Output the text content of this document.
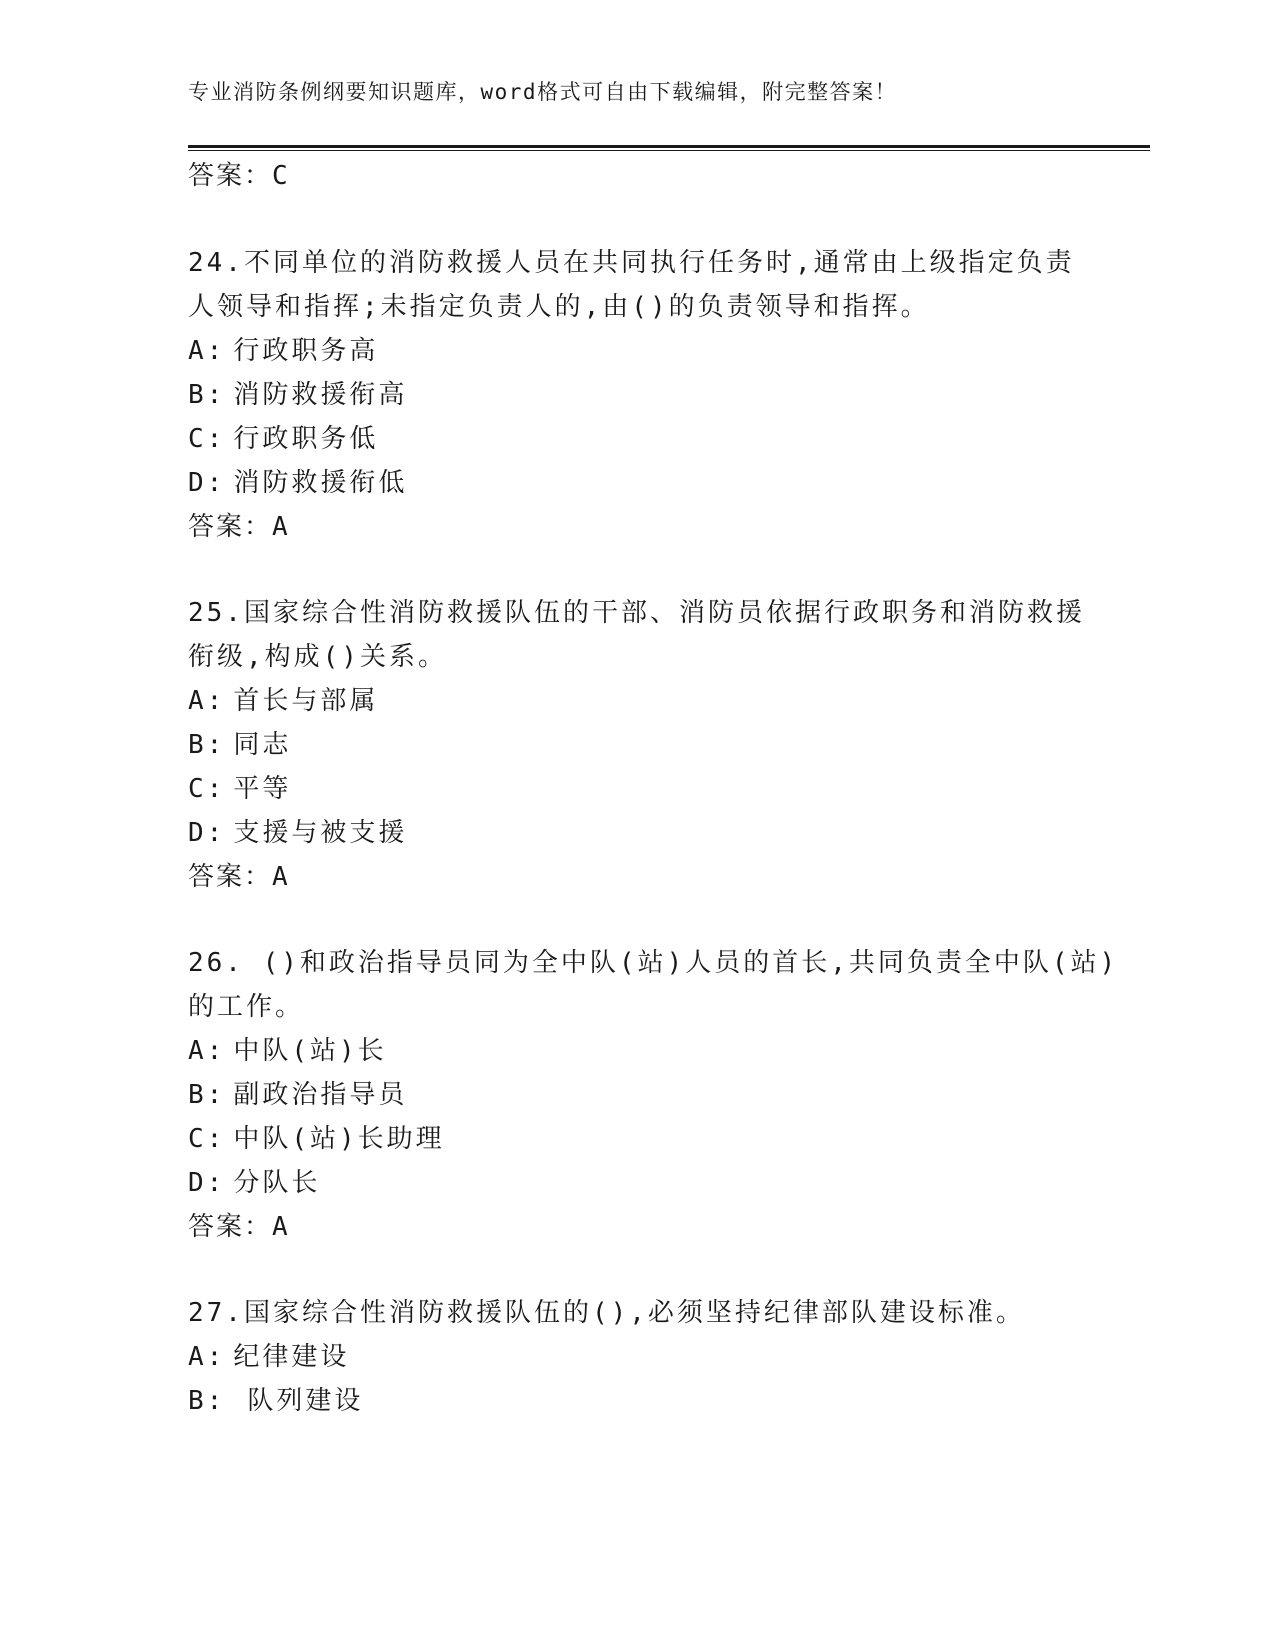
专业消防条例纲要知识题库，word格式可自由下载编辑，附完整答案！
答案：C
24.不同单位的消防救援人员在共同执行任务时,通常由上级指定负责
人领导和指挥;未指定负责人的,由()的负责领导和指挥。
A: 行政职务高
B: 消防救援衔高
C: 行政职务低
D: 消防救援衔低
答案：A
25.国家综合性消防救援队伍的干部、消防员依据行政职务和消防救援
衔级,构成()关系。
A: 首长与部属
B: 同志
C: 平等
D: 支援与被支援
答案：A
26. ()和政治指导员同为全中队(站)人员的首长,共同负责全中队(站)
的工作。
A: 中队(站)长
B: 副政治指导员
C: 中队(站)长助理
D: 分队长
答案：A
27.国家综合性消防救援队伍的(),必须坚持纪律部队建设标准。
A: 纪律建设
B: 队列建设
